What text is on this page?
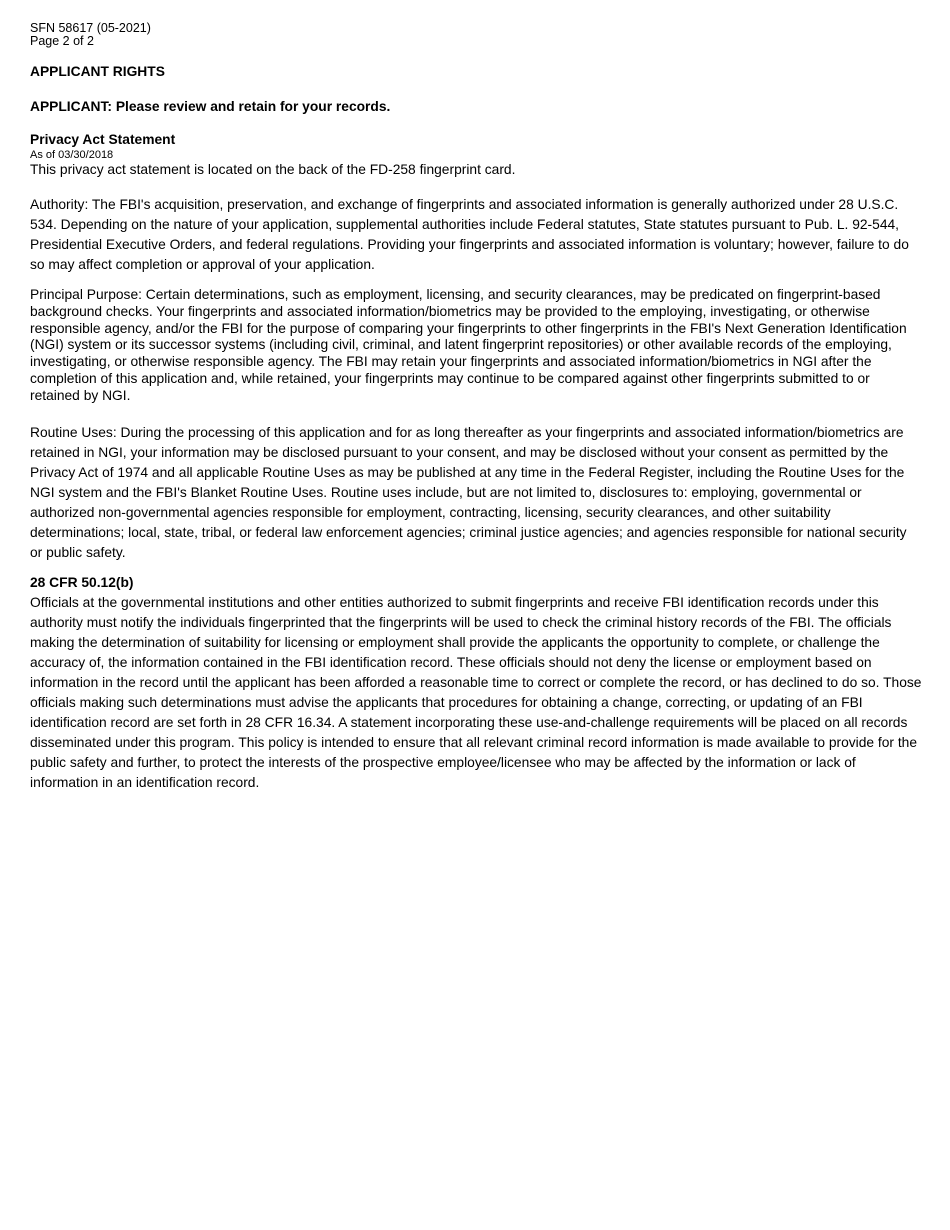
SFN 58617 (05-2021)
Page 2 of 2
APPLICANT RIGHTS
APPLICANT: Please review and retain for your records.
Privacy Act Statement
As of 03/30/2018
This privacy act statement is located on the back of the FD-258 fingerprint card.

Authority: The FBI's acquisition, preservation, and exchange of fingerprints and associated information is generally authorized under 28 U.S.C. 534. Depending on the nature of your application, supplemental authorities include Federal statutes, State statutes pursuant to Pub. L. 92-544, Presidential Executive Orders, and federal regulations. Providing your fingerprints and associated information is voluntary; however, failure to do so may affect completion or approval of your application.

Principal Purpose: Certain determinations, such as employment, licensing, and security clearances, may be predicated on fingerprint-based background checks. Your fingerprints and associated information/biometrics may be provided to the employing, investigating, or otherwise responsible agency, and/or the FBI for the purpose of comparing your fingerprints to other fingerprints in the FBI's Next Generation Identification (NGI) system or its successor systems (including civil, criminal, and latent fingerprint repositories) or other available records of the employing, investigating, or otherwise responsible agency. The FBI may retain your fingerprints and associated information/biometrics in NGI after the completion of this application and, while retained, your fingerprints may continue to be compared against other fingerprints submitted to or retained by NGI.

Routine Uses: During the processing of this application and for as long thereafter as your fingerprints and associated information/biometrics are retained in NGI, your information may be disclosed pursuant to your consent, and may be disclosed without your consent as permitted by the Privacy Act of 1974 and all applicable Routine Uses as may be published at any time in the Federal Register, including the Routine Uses for the NGI system and the FBI's Blanket Routine Uses. Routine uses include, but are not limited to, disclosures to: employing, governmental or authorized non-governmental agencies responsible for employment, contracting, licensing, security clearances, and other suitability determinations; local, state, tribal, or federal law enforcement agencies; criminal justice agencies; and agencies responsible for national security or public safety.

28 CFR 50.12(b)

Officials at the governmental institutions and other entities authorized to submit fingerprints and receive FBI identification records under this authority must notify the individuals fingerprinted that the fingerprints will be used to check the criminal history records of the FBI. The officials making the determination of suitability for licensing or employment shall provide the applicants the opportunity to complete, or challenge the accuracy of, the information contained in the FBI identification record. These officials should not deny the license or employment based on information in the record until the applicant has been afforded a reasonable time to correct or complete the record, or has declined to do so. Those officials making such determinations must advise the applicants that procedures for obtaining a change, correcting, or updating of an FBI identification record are set forth in 28 CFR 16.34. A statement incorporating these use-and-challenge requirements will be placed on all records disseminated under this program. This policy is intended to ensure that all relevant criminal record information is made available to provide for the public safety and further, to protect the interests of the prospective employee/licensee who may be affected by the information or lack of information in an identification record.
